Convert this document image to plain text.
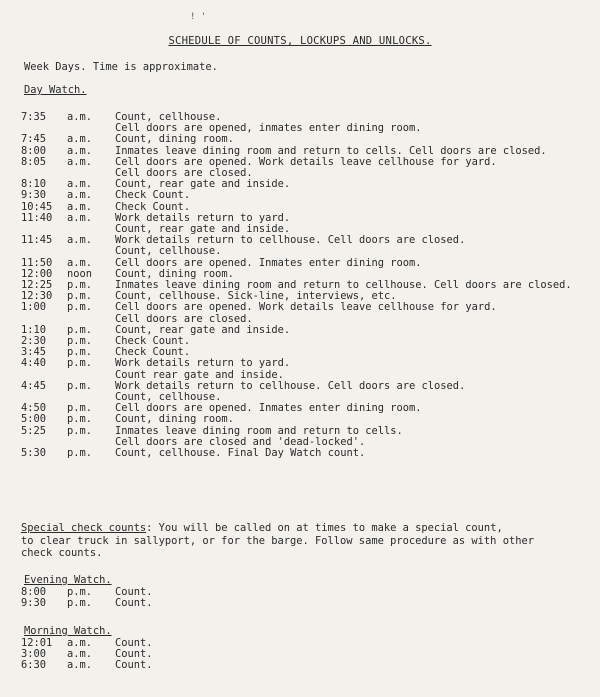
! '
SCHEDULE OF COUNTS, LOCKUPS AND UNLOCKS.
Week Days. Time is approximate.
Day Watch.
7:35	a.m.	Count, cellhouse.
Cell doors are opened, inmates enter dining room.
7:45	a.m.	Count, dining room.
8:00	a.m.	Inmates leave dining room and return to cells. Cell doors are closed.
8:05	a.m.	Cell doors are opened. Work details leave cellhouse for yard.
Cell doors are closed.
8:10	a.m.	Count, rear gate and inside.
9:30	a.m.	Check Count.
10:45	a.m.	Check Count.
11:40	a.m.	Work details return to yard.
Count, rear gate and inside.
11:45	a.m.	Work details return to cellhouse. Cell doors are closed.
Count, cellhouse.
11:50	a.m.	Cell doors are opened. Inmates enter dining room.
12:00	noon	Count, dining room.
12:25	p.m.	Inmates leave dining room and return to cellhouse. Cell doors are closed.
12:30	p.m.	Count, cellhouse. Sick-line, interviews, etc.
1:00	p.m.	Cell doors are opened. Work details leave cellhouse for yard.
Cell doors are closed.
1:10	p.m.	Count, rear gate and inside.
2:30	p.m.	Check Count.
3:45	p.m.	Check Count.
4:40	p.m.	Work details return to yard.
Count rear gate and inside.
4:45	p.m.	Work details return to cellhouse. Cell doors are closed.
Count, cellhouse.
4:50	p.m.	Cell doors are opened. Inmates enter dining room.
5:00	p.m.	Count, dining room.
5:25	p.m.	Inmates leave dining room and return to cells.
Cell doors are closed and 'dead-locked'.
5:30	p.m.	Count, cellhouse. Final Day Watch count.
Special check counts: You will be called on at times to make a special count,
to clear truck in sallyport, or for the barge. Follow same procedure as with other
check counts.
Evening Watch.
8:00	p.m.	Count.
9:30	p.m.	Count.
Morning Watch.
12:01	a.m.	Count.
3:00	a.m.	Count.
6:30	a.m.	Count.
